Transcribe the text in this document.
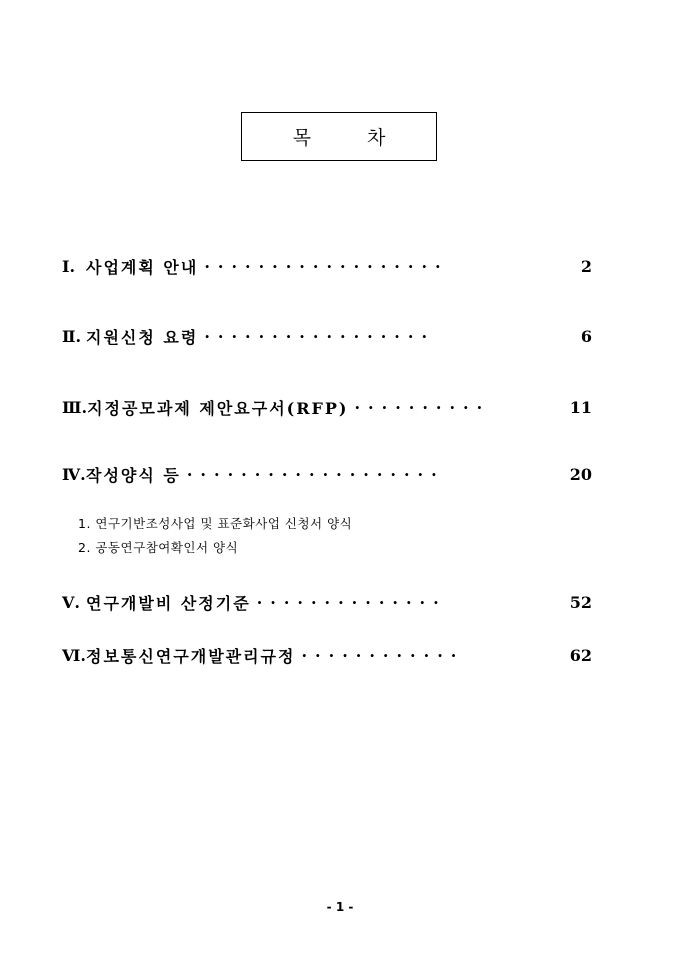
목	차
Ⅰ. 사업계획 안내 ··················	2
Ⅱ. 지원신청 요령 ·················	6
Ⅲ. 지정공모과제 제안요구서(RFP) ··········	11
Ⅳ. 작성양식 등 ···················	20
1. 연구기반조성사업 및 표준화사업 신청서 양식
2. 공동연구참여확인서 양식
Ⅴ. 연구개발비 산정기준 ··············	52
Ⅵ. 정보통신연구개발관리규정 ············	62
- 1 -
